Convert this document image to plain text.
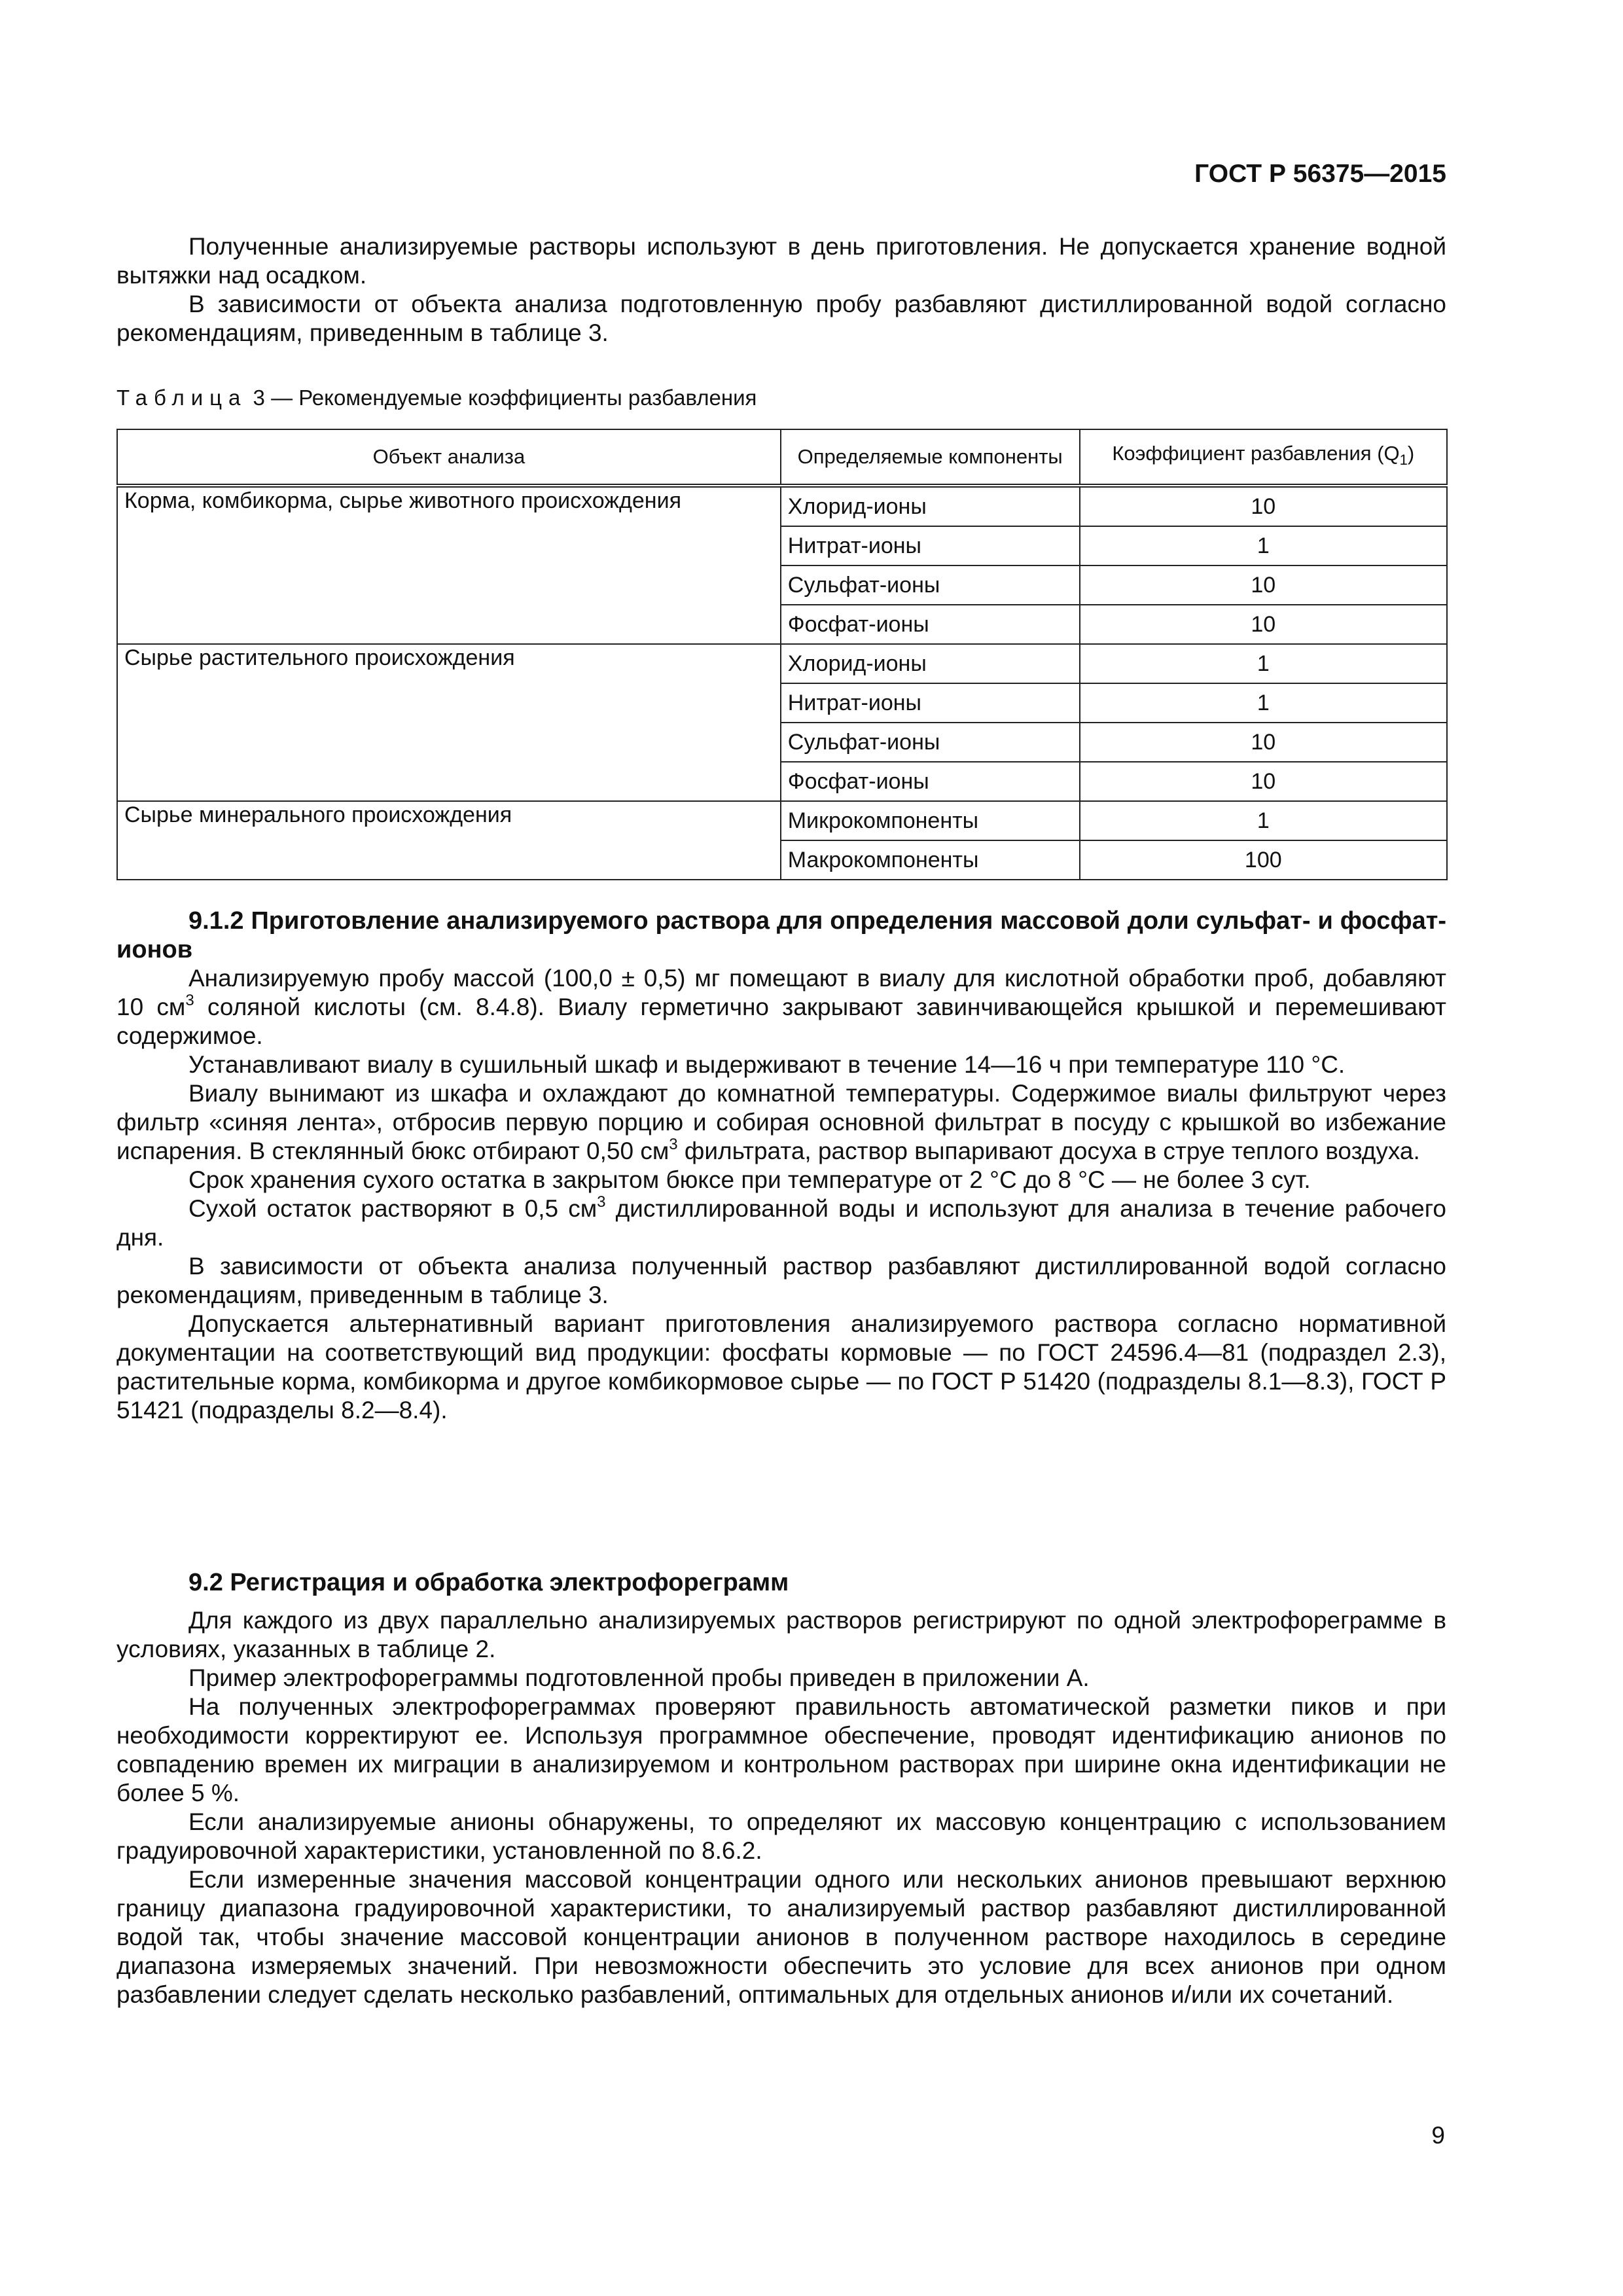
ГОСТ Р 56375—2015

Полученные анализируемые растворы используют в день приготовления. Не допускается хранение водной вытяжки над осадком.

В зависимости от объекта анализа подготовленную пробу разбавляют дистиллированной водой согласно рекомендациям, приведенным в таблице 3.

Таблица 3 — Рекомендуемые коэффициенты разбавления
Объект анализа	Определяемые компоненты	Коэффициент разбавления $(Q_1)$
Корма, комбикорма, сырье животного происхождения	Хлорид-ионы	10
	Нитрат-ионы	1
	Сульфат-ионы	10
	Фосфат-ионы	10
Сырье растительного происхождения	Хлорид-ионы	1
	Нитрат-ионы	1
	Сульфат-ионы	10
	Фосфат-ионы	10
Сырье минерального происхождения	Микрокомпоненты	1
	Макрокомпоненты	100
9.1.2 Приготовление анализируемого раствора для определения массовой доли сульфат- и фосфат-ионов

Анализируемую пробу массой (100,0 ± 0,5) мг помещают в виалу для кислотной обработки проб, добавляют 10 $см^3$ соляной кислоты (см. 8.4.8). Виалу герметично закрывают завинчивающейся крышкой и перемешивают содержимое.

Устанавливают виалу в сушильный шкаф и выдерживают в течение 14—16 ч при температуре 110 °С.

Виалу вынимают из шкафа и охлаждают до комнатной температуры. Содержимое виалы фильтруют через фильтр «синяя лента», отбросив первую порцию и собирая основной фильтрат в посуду с крышкой во избежание испарения. В стеклянный бюкс отбирают 0,50 $см^3$ фильтрата, раствор выпаривают досуха в струе теплого воздуха.

Срок хранения сухого остатка в закрытом бюксе при температуре от 2 °С до 8 °С — не более 3 сут.

Сухой остаток растворяют в 0,5 $см^3$ дистиллированной воды и используют для анализа в течение рабочего дня.

В зависимости от объекта анализа полученный раствор разбавляют дистиллированной водой согласно рекомендациям, приведенным в таблице 3.

Допускается альтернативный вариант приготовления анализируемого раствора согласно нормативной документации на соответствующий вид продукции: фосфаты кормовые — по ГОСТ 24596.4—81 (подраздел 2.3), растительные корма, комбикорма и другое комбикормовое сырье — по ГОСТ Р 51420 (подразделы 8.1—8.3), ГОСТ Р 51421 (подразделы 8.2—8.4).

9.2 Регистрация и обработка электрофореграмм

Для каждого из двух параллельно анализируемых растворов регистрируют по одной электрофореграмме в условиях, указанных в таблице 2.

Пример электрофореграммы подготовленной пробы приведен в приложении А.

На полученных электрофореграммах проверяют правильность автоматической разметки пиков и при необходимости корректируют ее. Используя программное обеспечение, проводят идентификацию анионов по совпадению времен их миграции в анализируемом и контрольном растворах при ширине окна идентификации не более 5 %.

Если анализируемые анионы обнаружены, то определяют их массовую концентрацию с использованием градуировочной характеристики, установленной по 8.6.2.

Если измеренные значения массовой концентрации одного или нескольких анионов превышают верхнюю границу диапазона градуировочной характеристики, то анализируемый раствор разбавляют дистиллированной водой так, чтобы значение массовой концентрации анионов в полученном растворе находилось в середине диапазона измеряемых значений. При невозможности обеспечить это условие для всех анионов при одном разбавлении следует сделать несколько разбавлений, оптимальных для отдельных анионов и/или их сочетаний.

9
